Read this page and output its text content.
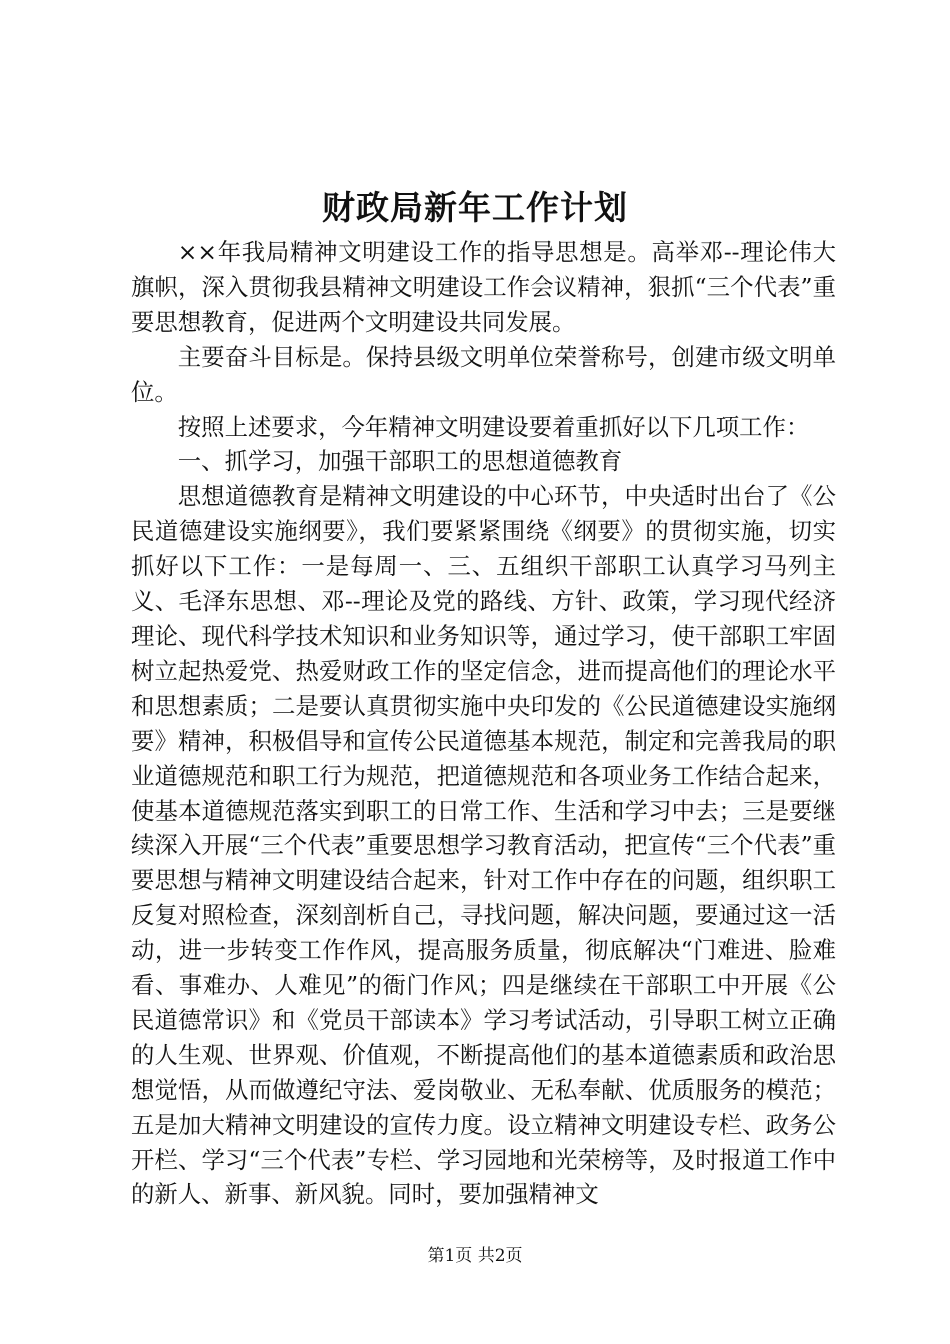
财政局新年工作计划

××年我局精神文明建设工作的指导思想是。高举邓--理论伟大旗帜，深入贯彻我县精神文明建设工作会议精神，狠抓“三个代表”重要思想教育，促进两个文明建设共同发展。

主要奋斗目标是。保持县级文明单位荣誉称号，创建市级文明单位。

按照上述要求，今年精神文明建设要着重抓好以下几项工作：

一、抓学习，加强干部职工的思想道德教育

思想道德教育是精神文明建设的中心环节，中央适时出台了《公民道德建设实施纲要》，我们要紧紧围绕《纲要》的贯彻实施，切实抓好以下工作：一是每周一、三、五组织干部职工认真学习马列主义、毛泽东思想、邓--理论及党的路线、方针、政策，学习现代经济理论、现代科学技术知识和业务知识等，通过学习，使干部职工牢固树立起热爱党、热爱财政工作的坚定信念，进而提高他们的理论水平和思想素质；二是要认真贯彻实施中央印发的《公民道德建设实施纲要》精神，积极倡导和宣传公民道德基本规范，制定和完善我局的职业道德规范和职工行为规范，把道德规范和各项业务工作结合起来，使基本道德规范落实到职工的日常工作、生活和学习中去；三是要继续深入开展“三个代表”重要思想学习教育活动，把宣传“三个代表”重要思想与精神文明建设结合起来，针对工作中存在的问题，组织职工反复对照检查，深刻剖析自己，寻找问题，解决问题，要通过这一活动，进一步转变工作作风，提高服务质量，彻底解决“门难进、脸难看、事难办、人难见”的衙门作风；四是继续在干部职工中开展《公民道德常识》和《党员干部读本》学习考试活动，引导职工树立正确的人生观、世界观、价值观，不断提高他们的基本道德素质和政治思想觉悟，从而做遵纪守法、爱岗敬业、无私奉献、优质服务的模范；五是加大精神文明建设的宣传力度。设立精神文明建设专栏、政务公开栏、学习“三个代表”专栏、学习园地和光荣榜等，及时报道工作中的新人、新事、新风貌。同时，要加强精神文

第1页 共2页
